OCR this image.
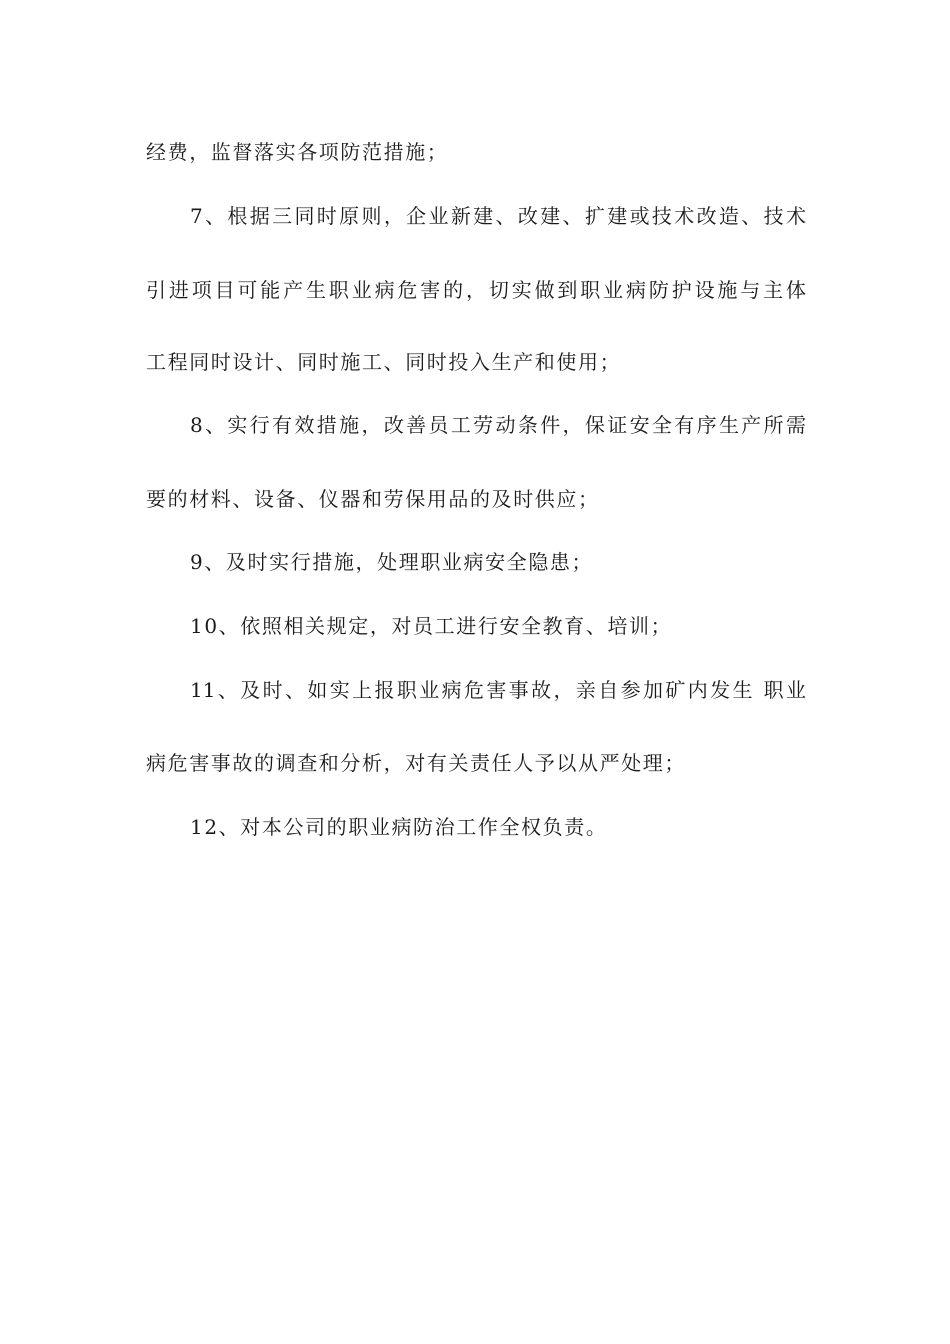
经费，监督落实各项防范措施；

7、根据三同时原则，企业新建、改建、扩建或技术改造、技术

引进项目可能产生职业病危害的，切实做到职业病防护设施与主体

工程同时设计、同时施工、同时投入生产和使用；

8、实行有效措施，改善员工劳动条件，保证安全有序生产所需

要的材料、设备、仪器和劳保用品的及时供应；

9、及时实行措施，处理职业病安全隐患；

10、依照相关规定，对员工进行安全教育、培训；

11、及时、如实上报职业病危害事故，亲自参加矿内发生 职业

病危害事故的调查和分析，对有关责任人予以从严处理；

12、对本公司的职业病防治工作全权负责。
